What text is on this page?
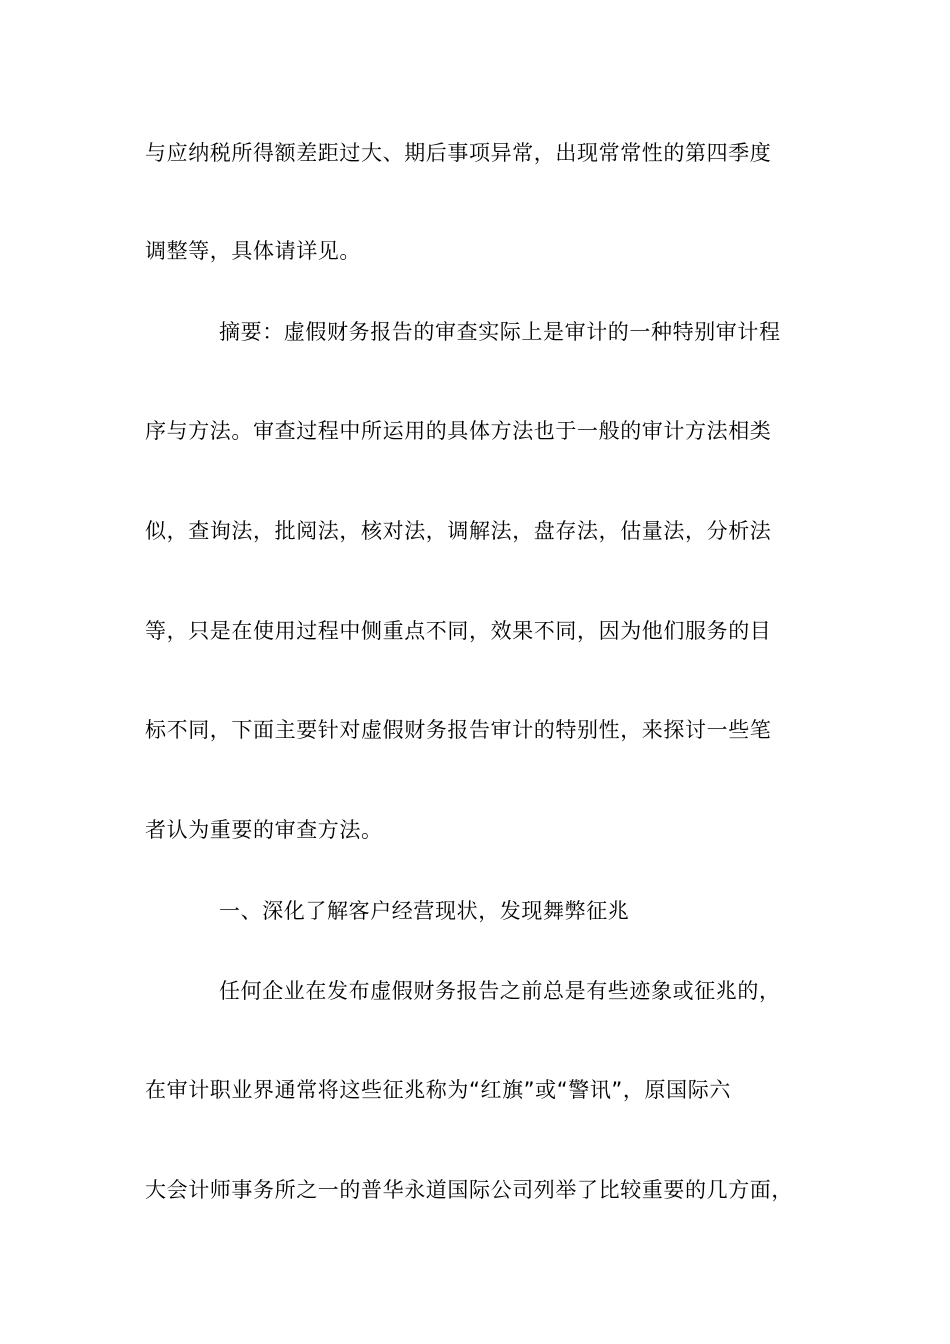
与应纳税所得额差距过大、期后事项异常，出现常常性的第四季度
调整等，具体请详见。
摘要：虚假财务报告的审查实际上是审计的一种特别审计程
序与方法。审查过程中所运用的具体方法也于一般的审计方法相类
似，查询法，批阅法，核对法，调解法，盘存法，估量法，分析法
等，只是在使用过程中侧重点不同，效果不同，因为他们服务的目
标不同，下面主要针对虚假财务报告审计的特别性，来探讨一些笔
者认为重要的审查方法。
一、深化了解客户经营现状，发现舞弊征兆
任何企业在发布虚假财务报告之前总是有些迹象或征兆的，
在审计职业界通常将这些征兆称为“红旗”或“警讯”，原国际六
大会计师事务所之一的普华永道国际公司列举了比较重要的几方面，
